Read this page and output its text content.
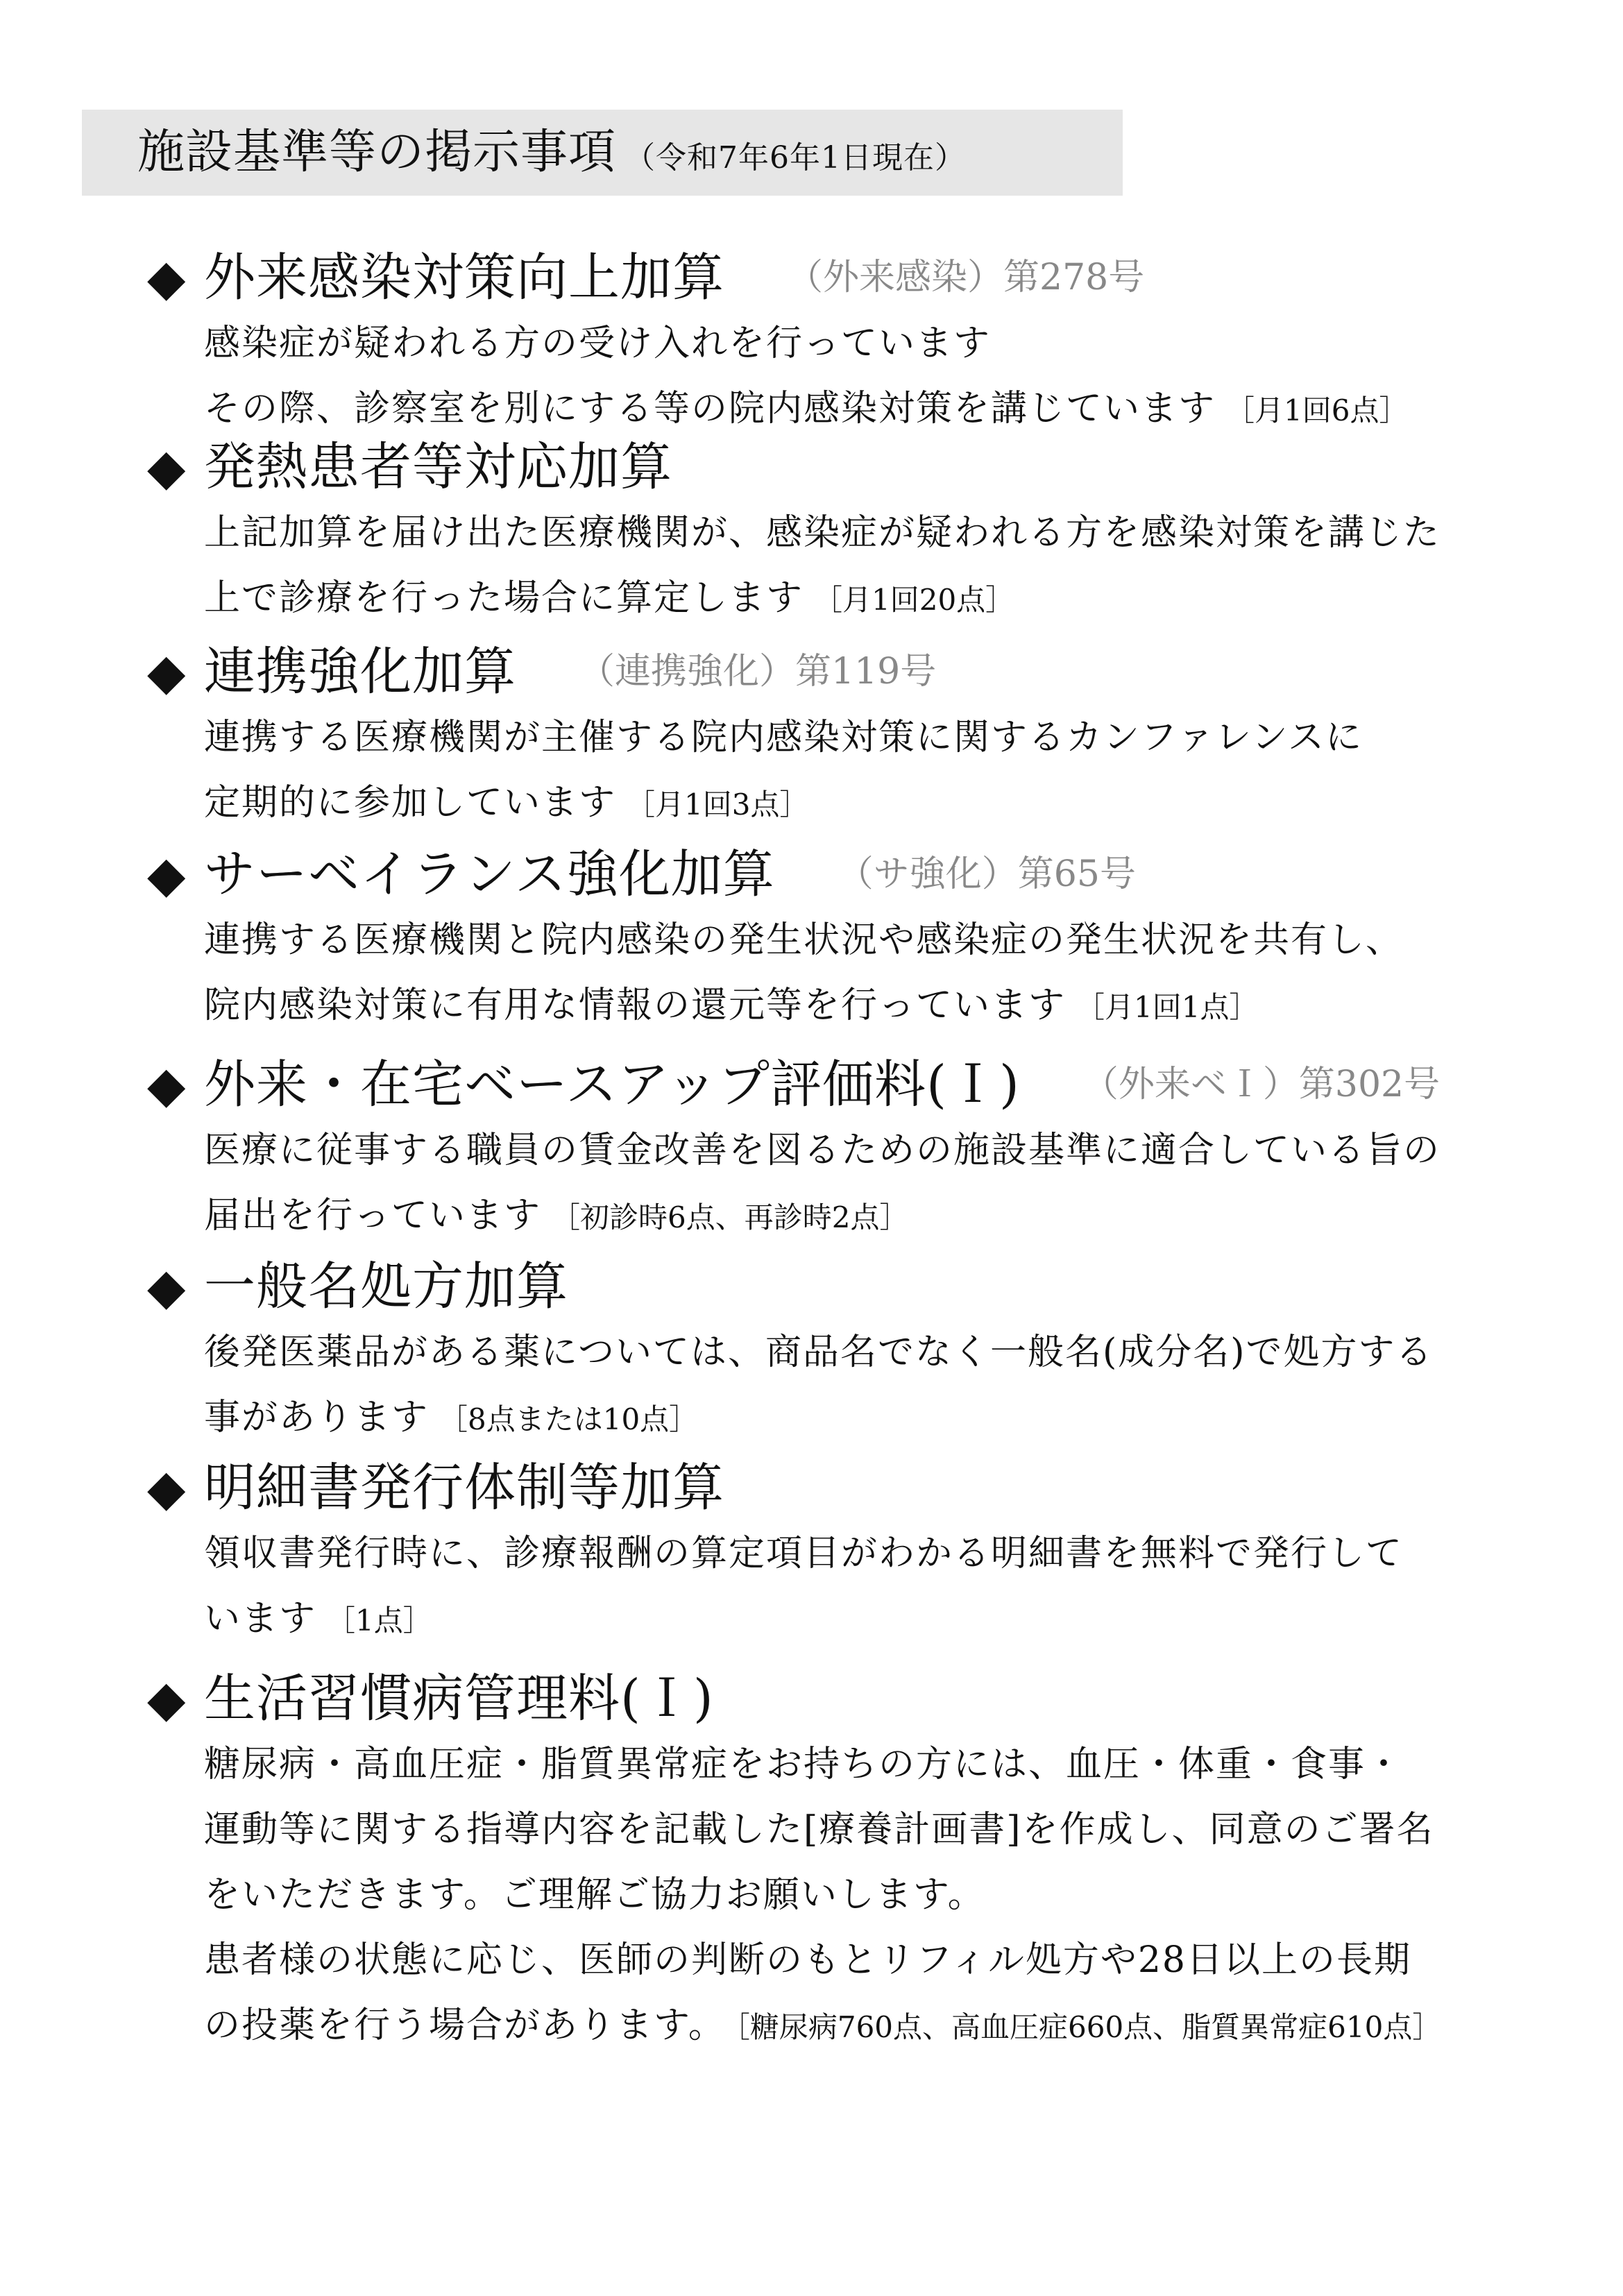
施設基準等の掲示事項 （令和7年6年1日現在）
◆ 外来感染対策向上加算 （外来感染）第278号
感染症が疑われる方の受け入れを行っています
その際、診察室を別にする等の院内感染対策を講じています ［月1回6点］
◆ 発熱患者等対応加算
上記加算を届け出た医療機関が、感染症が疑われる方を感染対策を講じた
上で診療を行った場合に算定します ［月1回20点］
◆ 連携強化加算 （連携強化）第119号
連携する医療機関が主催する院内感染対策に関するカンファレンスに
定期的に参加しています ［月1回3点］
◆ サーベイランス強化加算 （サ強化）第65号
連携する医療機関と院内感染の発生状況や感染症の発生状況を共有し、
院内感染対策に有用な情報の還元等を行っています ［月1回1点］
◆ 外来・在宅ベースアップ評価料(Ｉ) （外来ベＩ）第302号
医療に従事する職員の賃金改善を図るための施設基準に適合している旨の
届出を行っています ［初診時6点、再診時2点］
◆ 一般名処方加算
後発医薬品がある薬については、商品名でなく一般名(成分名)で処方する
事があります ［8点または10点］
◆ 明細書発行体制等加算
領収書発行時に、診療報酬の算定項目がわかる明細書を無料で発行して
います ［1点］
◆ 生活習慣病管理料(Ｉ)
糖尿病・高血圧症・脂質異常症をお持ちの方には、血圧・体重・食事・
運動等に関する指導内容を記載した[療養計画書]を作成し、同意のご署名
をいただきます。ご理解ご協力お願いします。
患者様の状態に応じ、医師の判断のもとリフィル処方や28日以上の長期
の投薬を行う場合があります。 ［糖尿病760点、高血圧症660点、脂質異常症610点］
